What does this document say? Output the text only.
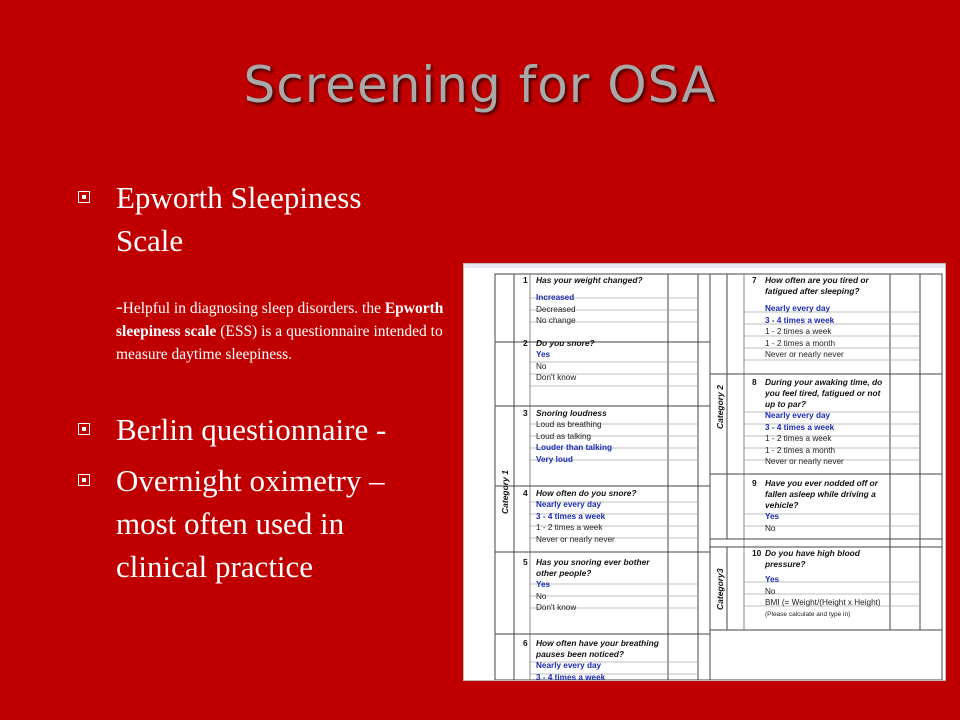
Screening for OSA
Epworth Sleepiness
Scale
-Helpful in diagnosing sleep disorders. the Epworth sleepiness scale (ESS) is a questionnaire intended to measure daytime sleepiness.
Berlin questionnaire -
Overnight oximetry –
most often used in
clinical practice
Category 1
Category 2
Category3
1 Has your weight changed?
Increased
Decreased
No change
2 Do you snore?
Yes
No
Don't know
3 Snoring loudness
Loud as breathing
Loud as talking
Louder than talking
Very loud
4 How often do you snore?
Nearly every day
3 - 4 times a week
1 - 2 times a week
Never or nearly never
5 Has you snoring ever bother other people?
Yes
No
Don't know
6 How often have your breathing pauses been noticed?
Nearly every day
3 - 4 times a week
7 How often are you tired or fatigued after sleeping?
Nearly every day
3 - 4 times a week
1 - 2 times a week
1 - 2 times a month
Never or nearly never
8 During your awaking time, do you feel tired, fatigued or not up to par?
Nearly every day
3 - 4 times a week
1 - 2 times a week
1 - 2 times a month
Never or nearly never
9 Have you ever nodded off or fallen asleep while driving a vehicle?
Yes
No
10 Do you have high blood pressure?
Yes
No
BMI (= Weight/(Height x Height)
(Please calculate and type in)
